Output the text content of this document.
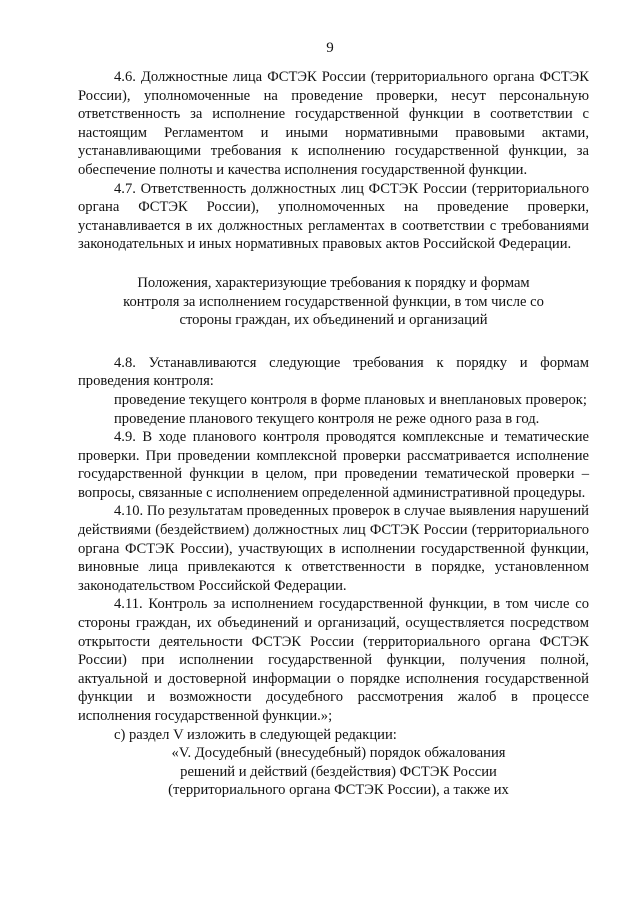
9

4.6. Должностные лица ФСТЭК России (территориального органа ФСТЭК России), уполномоченные на проведение проверки, несут персональную ответственность за исполнение государственной функции в соответствии с настоящим Регламентом и иными нормативными правовыми актами, устанавливающими требования к исполнению государственной функции, за обеспечение полноты и качества исполнения государственной функции.

4.7. Ответственность должностных лиц ФСТЭК России (территориального органа ФСТЭК России), уполномоченных на проведение проверки, устанавливается в их должностных регламентах в соответствии с требованиями законодательных и иных нормативных правовых актов Российской Федерации.

Положения, характеризующие требования к порядку и формам контроля за исполнением государственной функции, в том числе со стороны граждан, их объединений и организаций

4.8. Устанавливаются следующие требования к порядку и формам проведения контроля:

проведение текущего контроля в форме плановых и внеплановых проверок;

проведение планового текущего контроля не реже одного раза в год.

4.9. В ходе планового контроля проводятся комплексные и тематические проверки. При проведении комплексной проверки рассматривается исполнение государственной функции в целом, при проведении тематической проверки – вопросы, связанные с исполнением определенной административной процедуры.

4.10. По результатам проведенных проверок в случае выявления нарушений действиями (бездействием) должностных лиц ФСТЭК России (территориального органа ФСТЭК России), участвующих в исполнении государственной функции, виновные лица привлекаются к ответственности в порядке, установленном законодательством Российской Федерации.

4.11. Контроль за исполнением государственной функции, в том числе со стороны граждан, их объединений и организаций, осуществляется посредством открытости деятельности ФСТЭК России (территориального органа ФСТЭК России) при исполнении государственной функции, получения полной, актуальной и достоверной информации о порядке исполнения государственной функции и возможности досудебного рассмотрения жалоб в процессе исполнения государственной функции.»;

с) раздел V изложить в следующей редакции:

«V. Досудебный (внесудебный) порядок обжалования решений и действий (бездействия) ФСТЭК России (территориального органа ФСТЭК России), а также их
